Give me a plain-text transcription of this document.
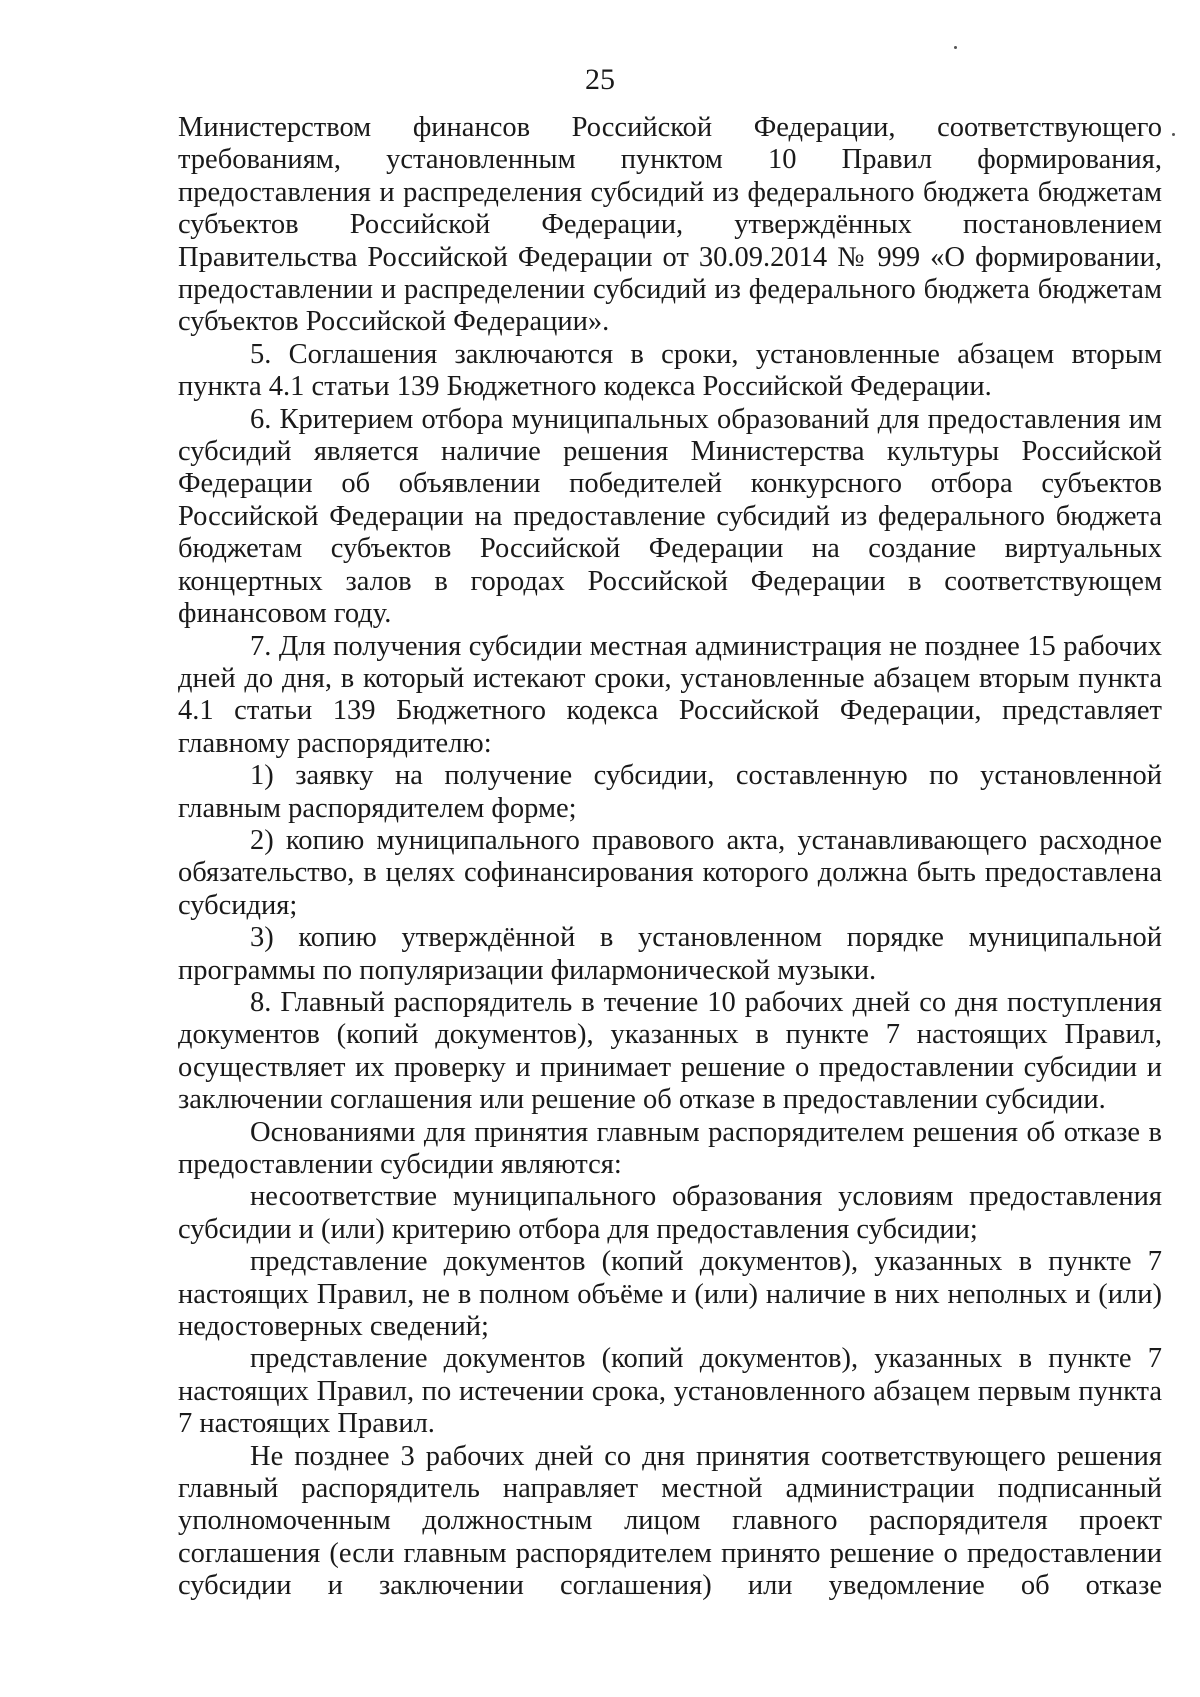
25

Министерством финансов Российской Федерации, соответствующего требованиям, установленным пунктом 10 Правил формирования, предоставления и распределения субсидий из федерального бюджета бюджетам субъектов Российской Федерации, утверждённых постановлением Правительства Российской Федерации от 30.09.2014 № 999 «О формировании, предоставлении и распределении субсидий из федерального бюджета бюджетам субъектов Российской Федерации».

5. Соглашения заключаются в сроки, установленные абзацем вторым пункта 4.1 статьи 139 Бюджетного кодекса Российской Федерации.

6. Критерием отбора муниципальных образований для предоставления им субсидий является наличие решения Министерства культуры Российской Федерации об объявлении победителей конкурсного отбора субъектов Российской Федерации на предоставление субсидий из федерального бюджета бюджетам субъектов Российской Федерации на создание виртуальных концертных залов в городах Российской Федерации в соответствующем финансовом году.

7. Для получения субсидии местная администрация не позднее 15 рабочих дней до дня, в который истекают сроки, установленные абзацем вторым пункта 4.1 статьи 139 Бюджетного кодекса Российской Федерации, представляет главному распорядителю:

1) заявку на получение субсидии, составленную по установленной главным распорядителем форме;

2) копию муниципального правового акта, устанавливающего расходное обязательство, в целях софинансирования которого должна быть предоставлена субсидия;

3) копию утверждённой в установленном порядке муниципальной программы по популяризации филармонической музыки.

8. Главный распорядитель в течение 10 рабочих дней со дня поступления документов (копий документов), указанных в пункте 7 настоящих Правил, осуществляет их проверку и принимает решение о предоставлении субсидии и заключении соглашения или решение об отказе в предоставлении субсидии.

Основаниями для принятия главным распорядителем решения об отказе в предоставлении субсидии являются:

несоответствие муниципального образования условиям предоставления субсидии и (или) критерию отбора для предоставления субсидии;

представление документов (копий документов), указанных в пункте 7 настоящих Правил, не в полном объёме и (или) наличие в них неполных и (или) недостоверных сведений;

представление документов (копий документов), указанных в пункте 7 настоящих Правил, по истечении срока, установленного абзацем первым пункта 7 настоящих Правил.

Не позднее 3 рабочих дней со дня принятия соответствующего решения главный распорядитель направляет местной администрации подписанный уполномоченным должностным лицом главного распорядителя проект соглашения (если главным распорядителем принято решение о предоставлении субсидии и заключении соглашения) или уведомление об отказе
